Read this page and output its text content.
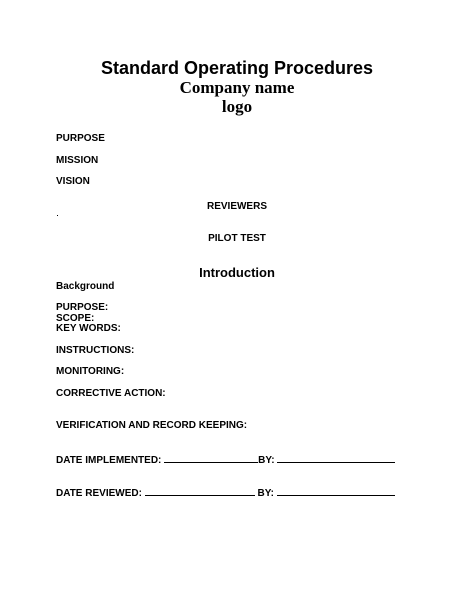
Standard Operating Procedures
Company name
logo
PURPOSE
MISSION
VISION
REVIEWERS
PILOT TEST
Introduction
Background
PURPOSE:
SCOPE:
KEY WORDS:
INSTRUCTIONS:
MONITORING:
CORRECTIVE ACTION:
VERIFICATION AND RECORD KEEPING:
DATE IMPLEMENTED:	BY:
DATE REVIEWED:	BY:
